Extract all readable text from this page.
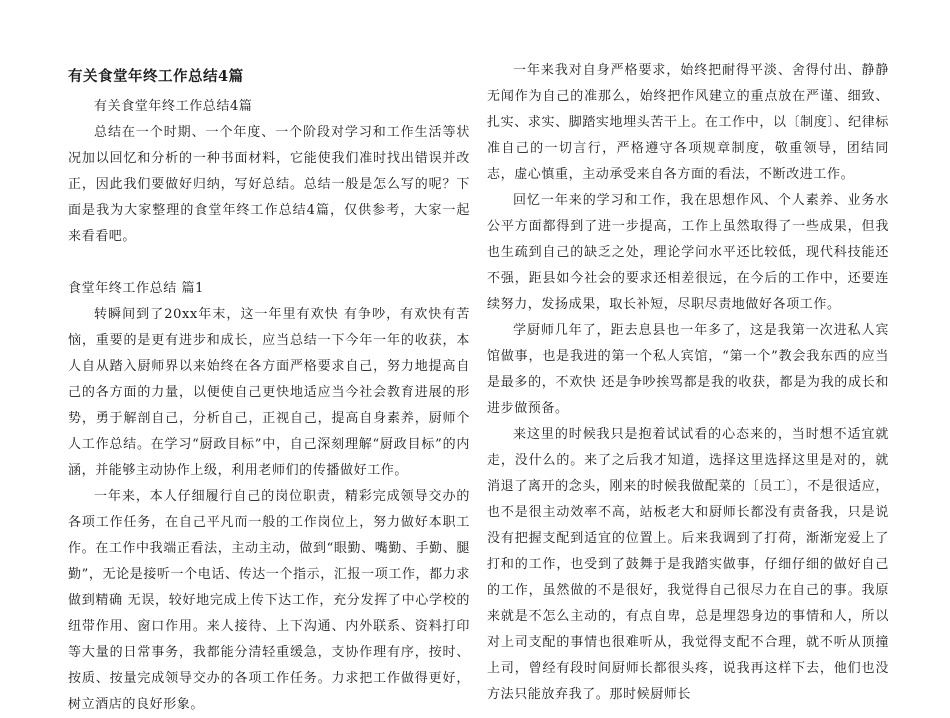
有关食堂年终工作总结4篇

有关食堂年终工作总结4篇

总结在一个时期、一个年度、一个阶段对学习和工作生活等状况加以回忆和分析的一种书面材料，它能使我们准时找出错误并改正，因此我们要做好归纳，写好总结。总结一般是怎么写的呢？下面是我为大家整理的食堂年终工作总结4篇，仅供参考，大家一起来看看吧。

食堂年终工作总结 篇1

转瞬间到了20xx年末，这一年里有欢快 有争吵，有欢快有苦恼，重要的是更有进步和成长，应当总结一下今年一年的收获，本人自从踏入厨师界以来始终在各方面严格要求自己，努力地提高自己的各方面的力量，以便使自己更快地适应当今社会教育进展的形势，勇于解剖自己，分析自己，正视自己，提高自身素养，厨师个人工作总结。在学习“厨政目标”中，自己深刻理解“厨政目标”的内涵，并能够主动协作上级，利用老师们的传播做好工作。

一年来，本人仔细履行自己的岗位职责，精彩完成领导交办的各项工作任务，在自己平凡而一般的工作岗位上，努力做好本职工作。在工作中我端正看法，主动主动，做到“眼勤、嘴勤、手勤、腿勤”，无论是接听一个电话、传达一个指示，汇报一项工作，都力求做到精确 无误，较好地完成上传下达工作，充分发挥了中心学校的纽带作用、窗口作用。来人接待、上下沟通、内外联系、资料打印等大量的日常事务，我都能分清轻重缓急，支协作理有序，按时、按质、按量完成领导交办的各项工作任务。力求把工作做得更好，树立酒店的良好形象。

一年来我对自身严格要求，始终把耐得平淡、舍得付出、静静无闻作为自己的准那么，始终把作风建立的重点放在严谨、细致、扎实、求实、脚踏实地埋头苦干上。在工作中，以〔制度〕、纪律标准自己的一切言行，严格遵守各项规章制度，敬重领导，团结同志，虚心慎重，主动承受来自各方面的看法，不断改进工作。

回忆一年来的学习和工作，我在思想作风、个人素养、业务水公平方面都得到了进一步提高，工作上虽然取得了一些成果，但我也生疏到自己的缺乏之处，理论学问水平还比较低，现代科技能还不强，距县如今社会的要求还相差很远，在今后的工作中，还要连续努力，发扬成果，取长补短，尽职尽责地做好各项工作。

学厨师几年了，距去息县也一年多了，这是我第一次进私人宾馆做事，也是我进的第一个私人宾馆，“第一个”教会我东西的应当是最多的，不欢快 还是争吵挨骂都是我的收获，都是为我的成长和进步做预备。

来这里的时候我只是抱着试试看的心态来的，当时想不适宜就走，没什么的。来了之后我才知道，选择这里选择这里是对的，就消退了离开的念头，刚来的时候我做配菜的〔员工〕，不是很适应，也不是很主动效率不高，站板老大和厨师长都没有责备我，只是说没有把握支配到适宜的位置上。后来我调到了打荷，渐渐宠爱上了打和的工作，也受到了鼓舞于是我踏实做事，仔细仔细的做好自己的工作，虽然做的不是很好，我觉得自己很尽力在自己的事。我原来就是不怎么主动的，有点自卑，总是埋怨身边的事情和人，所以对上司支配的事情也很难听从，我觉得支配不合理，就不听从顶撞上司，曾经有段时间厨师长都很头疼，说我再这样下去，他们也没方法只能放弃我了。那时候厨师长
